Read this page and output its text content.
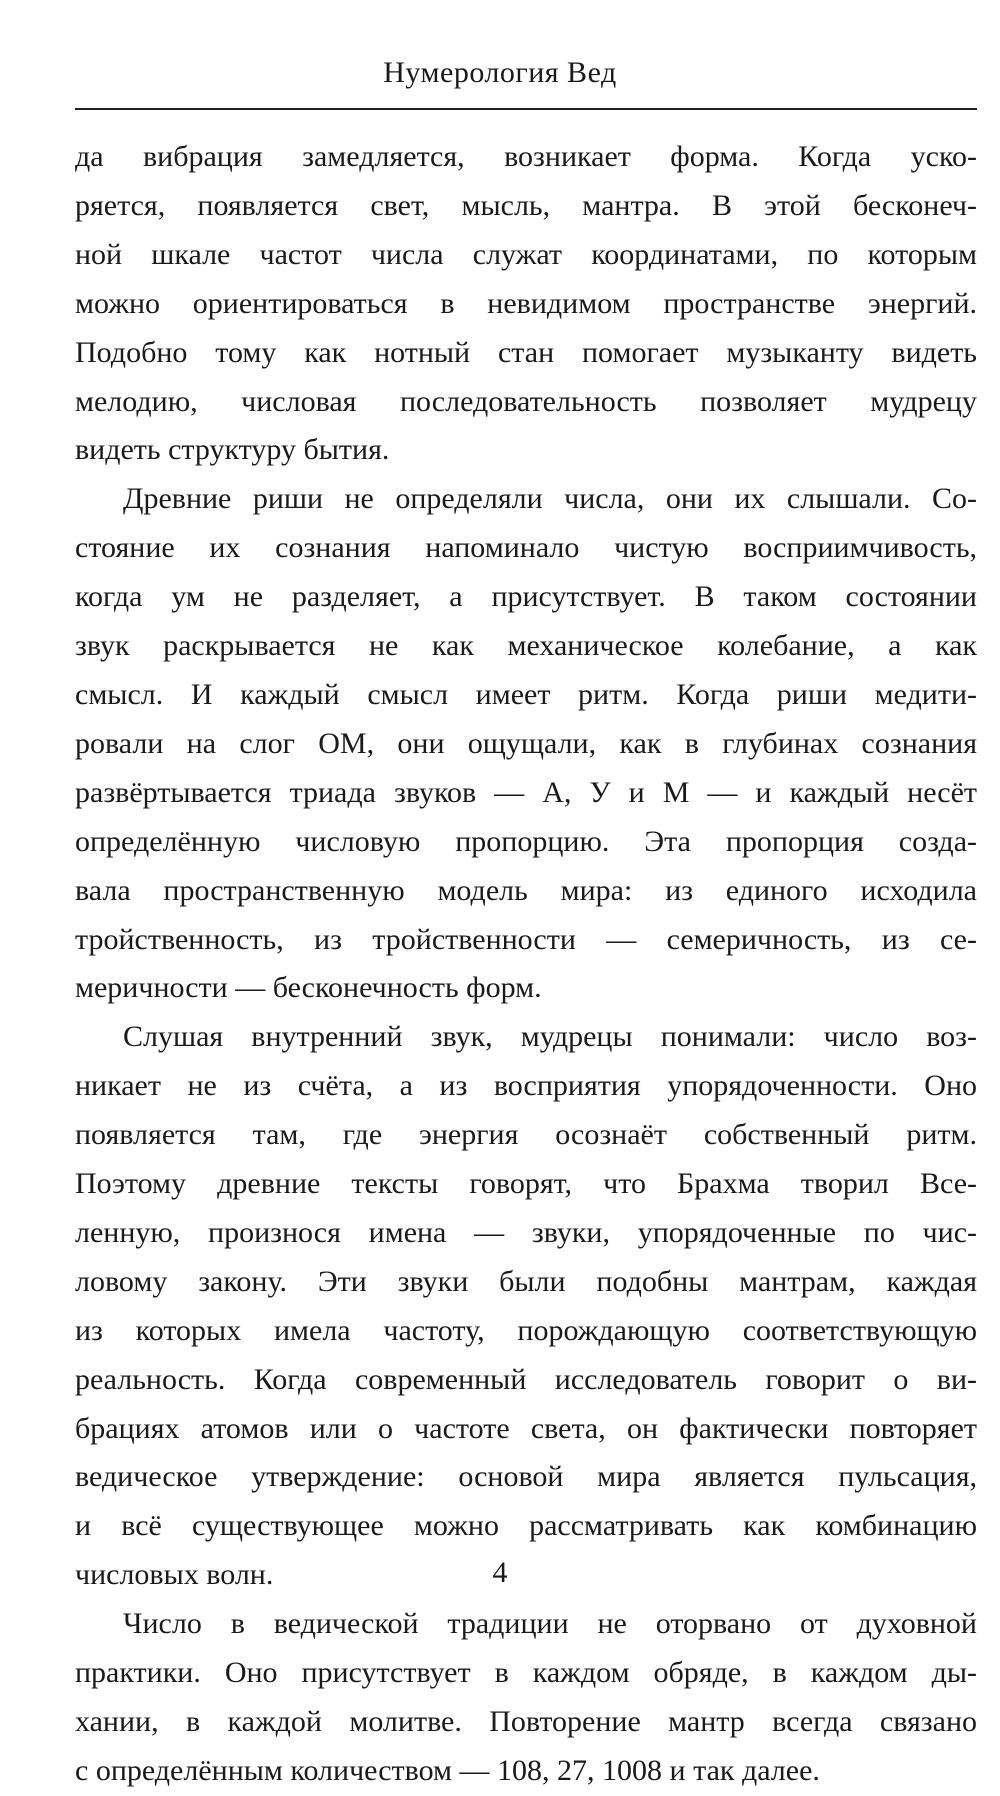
Нумерология Вед

да вибрация замедляется, возникает форма. Когда уско-
ряется, появляется свет, мысль, мантра. В этой бесконеч-
ной шкале частот числа служат координатами, по которым
можно ориентироваться в невидимом пространстве энергий.
Подобно тому как нотный стан помогает музыканту видеть
мелодию, числовая последовательность позволяет мудрецу
видеть структуру бытия.

Древние риши не определяли числа, они их слышали. Со-
стояние их сознания напоминало чистую восприимчивость,
когда ум не разделяет, а присутствует. В таком состоянии
звук раскрывается не как механическое колебание, а как
смысл. И каждый смысл имеет ритм. Когда риши медити-
ровали на слог ОМ, они ощущали, как в глубинах сознания
развёртывается триада звуков — А, У и М — и каждый несёт
определённую числовую пропорцию. Эта пропорция созда-
вала пространственную модель мира: из единого исходила
тройственность, из тройственности — семеричность, из се-
меричности — бесконечность форм.

Слушая внутренний звук, мудрецы понимали: число воз-
никает не из счёта, а из восприятия упорядоченности. Оно
появляется там, где энергия осознаёт собственный ритм.
Поэтому древние тексты говорят, что Брахма творил Все-
ленную, произнося имена — звуки, упорядоченные по чис-
ловому закону. Эти звуки были подобны мантрам, каждая
из которых имела частоту, порождающую соответствующую
реальность. Когда современный исследователь говорит о ви-
брациях атомов или о частоте света, он фактически повторяет
ведическое утверждение: основой мира является пульсация,
и всё существующее можно рассматривать как комбинацию
числовых волн.

Число в ведической традиции не оторвано от духовной
практики. Оно присутствует в каждом обряде, в каждом ды-
хании, в каждой молитве. Повторение мантр всегда связано
с определённым количеством — 108, 27, 1008 и так далее.

4
